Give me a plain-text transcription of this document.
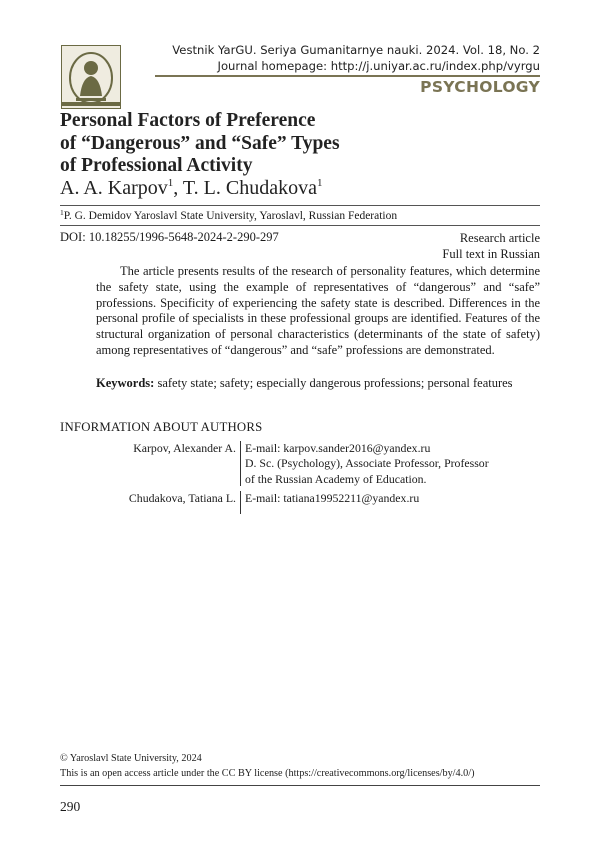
Vestnik YarGU. Seriya Gumanitarnye nauki. 2024. Vol. 18, No. 2
Journal homepage: http://j.uniyar.ac.ru/index.php/vyrgu
PSYCHOLOGY
Personal Factors of Preference
of “Dangerous” and “Safe” Types
of Professional Activity
A. A. Karpov$^1$, T. L. Chudakova$^1$
$^1$P. G. Demidov Yaroslavl State University, Yaroslavl, Russian Federation
DOI: 10.18255/1996-5648-2024-2-290-297	Research article
Full text in Russian

The article presents results of the research of personality features, which determine the safety state, using the example of representatives of “dangerous” and “safe” professions. Specificity of experiencing the safety state is described. Differences in the personal profile of specialists in these professional groups are identified. Features of the structural organization of personal characteristics (determinants of the state of safety) among representatives of “dangerous” and “safe” professions are demonstrated.

Keywords: safety state; safety; especially dangerous professions; personal features

INFORMATION ABOUT AUTHORS
Karpov, Alexander A. E-mail: karpov.sander2016@yandex.ru
D. Sc. (Psychology), Associate Professor, Professor
of the Russian Academy of Education.
Chudakova, Tatiana L. E-mail: tatiana19952211@yandex.ru
© Yaroslavl State University, 2024
This is an open access article under the CC BY license (https://creativecommons.org/licenses/by/4.0/)
290
